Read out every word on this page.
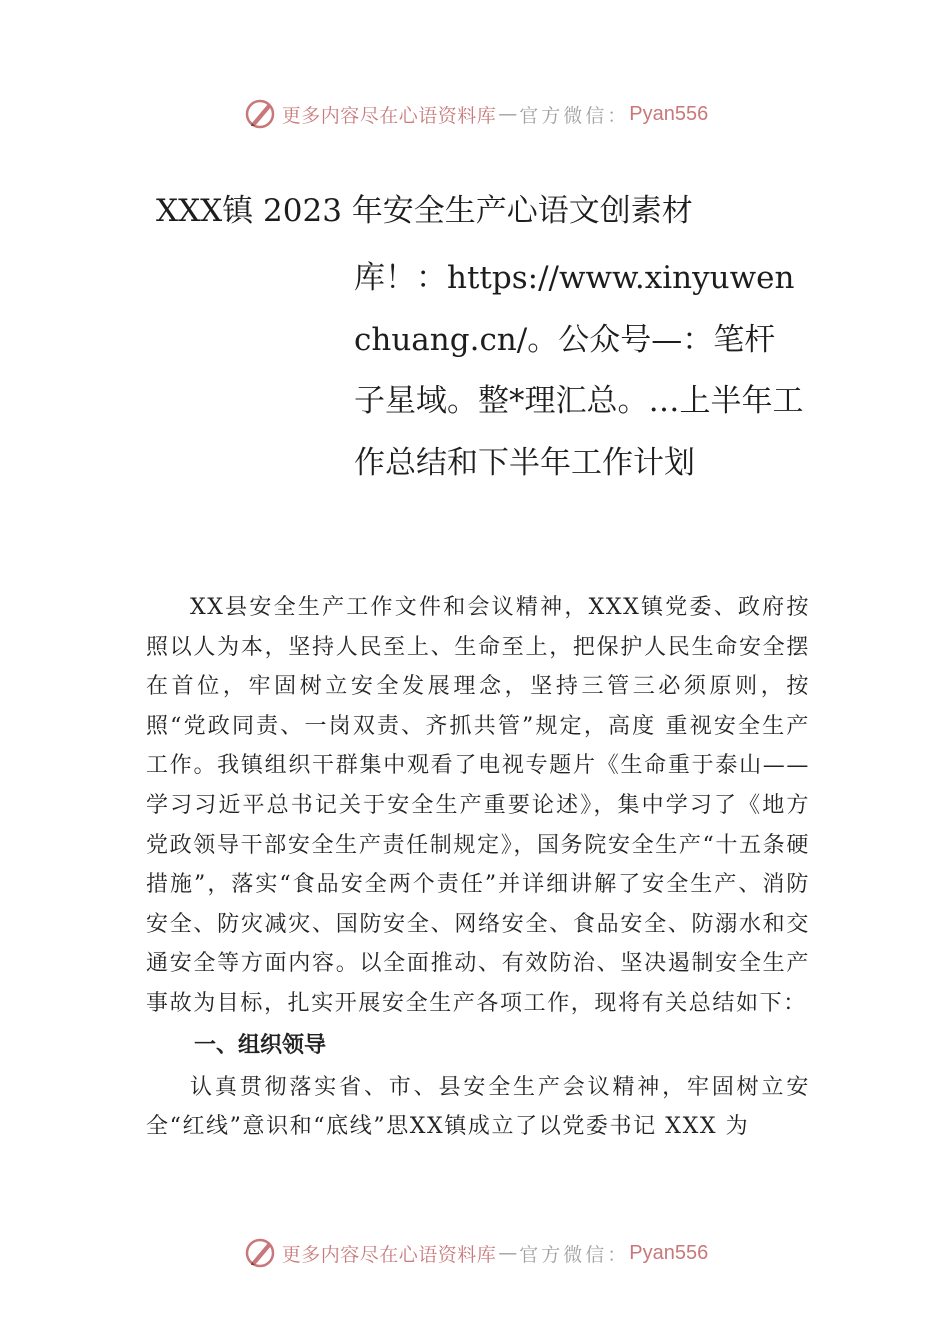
更多内容尽在心语资料库 — 官方微信： Pyan556
XXX镇 2023 年安全生产心语文创素材
库！：https://www.xinyuwenchuang.cn/。公众号—：笔杆子星域。整*理汇总。…上半年工作总结和下半年工作计划

XX县安全生产工作文件和会议精神，XXX镇党委、政府按照以人为本，坚持人民至上、生命至上，把保护人民生命安全摆在首位，牢固树立安全发展理念，坚持三管三必须原则，按照“党政同责、一岗双责、齐抓共管”规定，高度 重视安全生产工作。我镇组织干群集中观看了电视专题片《生命重于泰山——学习习近平总书记关于安全生产重要论述》，集中学习了《地方党政领导干部安全生产责任制规定》，国务院安全生产“十五条硬措施”，落实“食品安全两个责任”并详细讲解了安全生产、消防安全、防灾减灾、国防安全、网络安全、食品安全、防溺水和交通安全等方面内容。以全面推动、有效防治、坚决遏制安全生产事故为目标，扎实开展安全生产各项工作，现将有关总结如下：

一、组织领导

认真贯彻落实省、市、县安全生产会议精神，牢固树立安全“红线”意识和“底线”思XX镇成立了以党委书记 XXX 为

更多内容尽在心语资料库 — 官方微信： Pyan556
